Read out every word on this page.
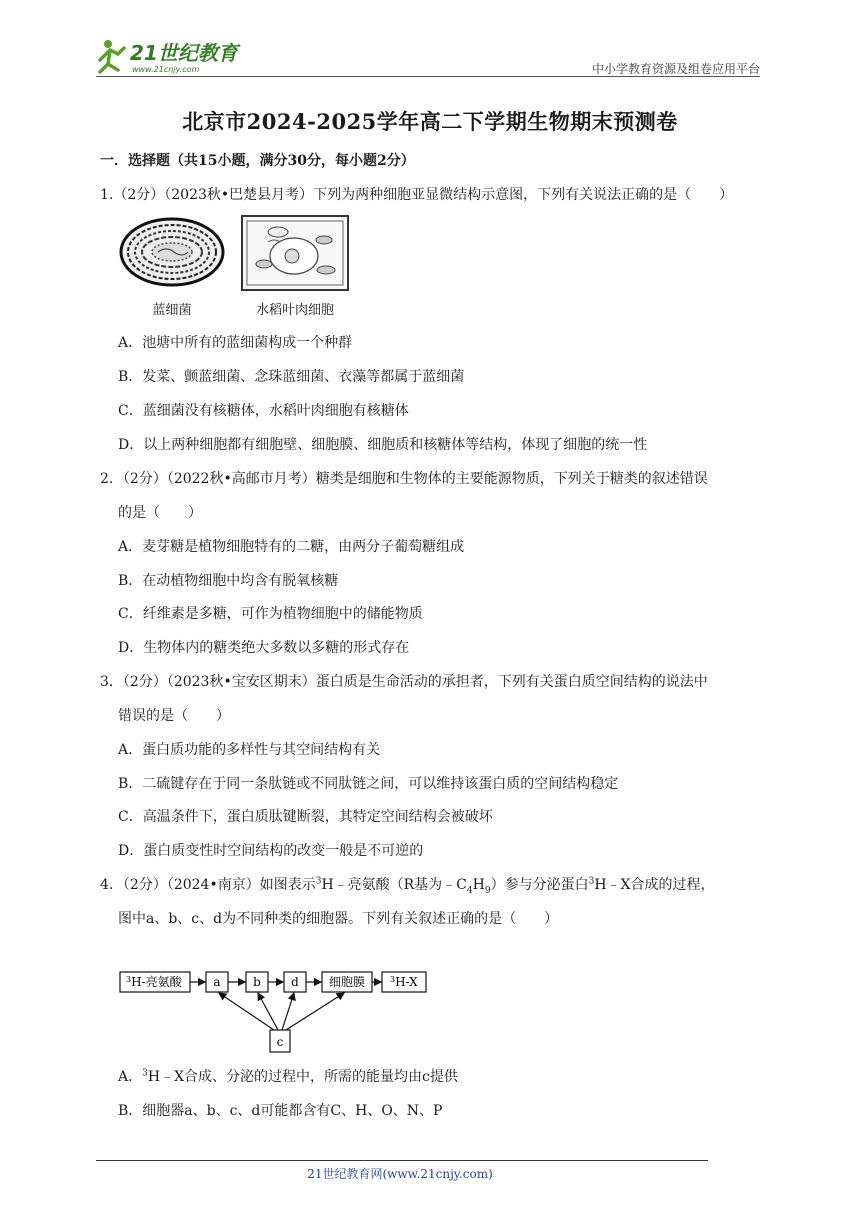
21世纪教育
www.21cnjy.com	中小学教育资源及组卷应用平台
北京市2024-2025学年高二下学期生物期末预测卷
一．选择题（共15小题，满分30分，每小题2分）
1.（2分）（2023秋•巴楚县月考）下列为两种细胞亚显微结构示意图，下列有关说法正确的是（　　）
蓝细菌	水稻叶肉细胞
A．池塘中所有的蓝细菌构成一个种群
B．发菜、颤蓝细菌、念珠蓝细菌、衣藻等都属于蓝细菌
C．蓝细菌没有核糖体，水稻叶肉细胞有核糖体
D．以上两种细胞都有细胞壁、细胞膜、细胞质和核糖体等结构，体现了细胞的统一性
2．（2分）（2022秋•高邮市月考）糖类是细胞和生物体的主要能源物质，下列关于糖类的叙述错误
的是（　　）
A．麦芽糖是植物细胞特有的二糖，由两分子葡萄糖组成
B．在动植物细胞中均含有脱氧核糖
C．纤维素是多糖，可作为植物细胞中的储能物质
D．生物体内的糖类绝大多数以多糖的形式存在
3．（2分）（2023秋•宝安区期末）蛋白质是生命活动的承担者，下列有关蛋白质空间结构的说法中
错误的是（　　）
A．蛋白质功能的多样性与其空间结构有关
B．二硫键存在于同一条肽链或不同肽链之间，可以维持该蛋白质的空间结构稳定
C．高温条件下，蛋白质肽键断裂，其特定空间结构会被破坏
D．蛋白质变性时空间结构的改变一般是不可逆的
4．（2分）（2024•南京）如图表示$^3$H﹣亮氨酸（R基为$﹣C_4H_9$）参与分泌蛋白$^3$H﹣X合成的过程，
图中a、b、c、d为不同种类的细胞器。下列有关叙述正确的是（　　）
$^3$H-亮氨酸	a	b	d	细胞膜	$^3$H-X
c
A．$^3$H﹣X合成、分泌的过程中，所需的能量均由c提供
B．细胞器a、b、c、d可能都含有C、H、O、N、P
21世纪教育网(www.21cnjy.com)
